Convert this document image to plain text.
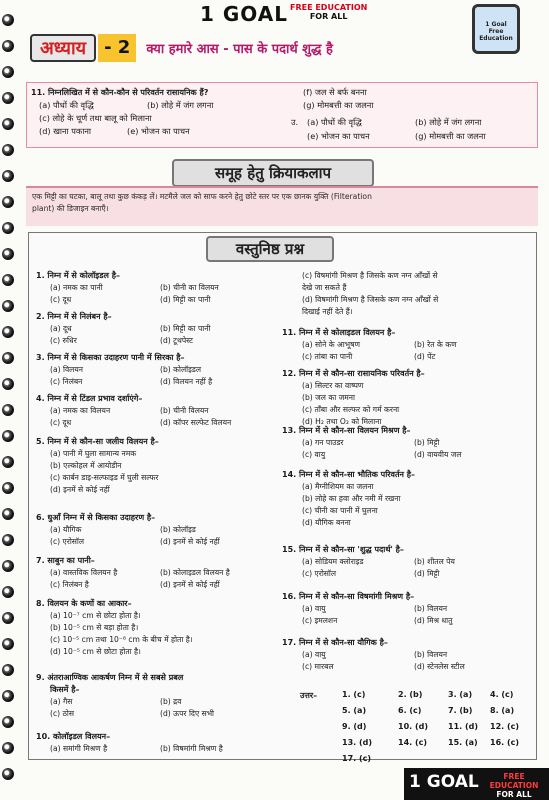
1 GOAL FREE EDUCATION
FOR ALL
1 Goal
Free
Education
अध्याय	- 2	क्या हमारे आस - पास के पदार्थ शुद्ध है
11. निम्नलिखित में से कौन-कौन से परिवर्तन रासायनिक हैं?
(a) पौधों की वृद्धि	(b) लोहे में जंग लगना
(c) लोहे के चूर्ण तथा बालू को मिलाना
(d) खाना पकाना	(e) भोजन का पाचन
(f) जल से बर्फ बनना
(g) मोमबत्ती का जलना
उ. (a) पौधों की वृद्धि	(b) लोहे में जंग लगना
(e) भोजन का पाचन	(g) मोमबत्ती का जलना
समूह हेतु क्रियाकलाप
एक मिट्टी का घटका, बालू तथा कुछ कंकड़ लें। मटमैले जल को साफ करने हेतु छोटे स्तर पर एक छानक युक्ति (Filteration
plant) की डिजाइन बनाएँ।
वस्तुनिष्ठ प्रश्न
1. निम्न में से कोलॉइडल है–
(a) नमक का पानी	(b) चीनी का विलयन
(c) दूध	(d) मिट्टी का पानी
2. निम्न में से निलंबन है–
(a) दूध	(b) मिट्टी का पानी
(c) रुधिर	(d) टूथपेस्ट
3. निम्न में से किसका उदाहरण पानी में सिरका है–
(a) विलयन	(b) कोलॉइडल
(c) निलंबन	(d) विलयन नहीं है
4. निम्न में से टिंडल प्रभाव दर्शाएंगे–
(a) नमक का विलयन	(b) चीनी विलयन
(c) दूध	(d) कॉपर सल्फेट विलयन
5. निम्न में से कौन-सा जलीय विलयन है–
(a) पानी में घुला सामान्य नमक
(b) एल्कोहल में आयोडीन
(c) कार्बन डाइ-सल्फाइड में घुली सल्फर
(d) इनमें से कोई नहीं
6. धुआँ निम्न में से किसका उदाहरण है–
(a) यौगिक	(b) कोलॉइड
(c) एरोसॉल	(d) इनमें से कोई नहीं
7. साबुन का पानी–
(a) वास्तविक विलयन है	(b) कोलाइडल विलयन है
(c) निलंबन है	(d) इनमें से कोई नहीं
8. विलयन के कणों का आकार–
(a) 10⁻⁷ cm से छोटा होता है।
(b) 10⁻⁵ cm से बड़ा होता है।
(c) 10⁻⁵ cm तथा 10⁻⁸ cm के बीच में होता है।
(d) 10⁻⁵ cm से छोटा होता है।
9. अंतराआण्विक आकर्षण निम्न में से सबसे प्रबल
किसमें है–
(a) गैस	(b) द्रव
(c) ठोस	(d) ऊपर दिए सभी
10. कोलॉइडल विलयन–
(a) समांगी मिश्रण है	(b) विषमांगी मिश्रण है
(c) विषमांगी मिश्रण है जिसके कण नग्न आँखों से
देखे जा सकते हैं
(d) विषमांगी मिश्रण है जिसके कण नग्न आँखों से
दिखाई नहीं देते हैं।
11. निम्न में से कोलाइडल विलयन है–
(a) सोने के आभूषण	(b) रेत के कण
(c) तांबा का पानी	(d) पेंट
12. निम्न में से कौन-सा रासायनिक परिवर्तन है–
(a) सिल्टर का वाष्पण
(b) जल का जमना
(c) ताँबा और सल्फर को गर्म करना
(d) H₂ तथा O₂ को मिलाना
13. निम्न में से कौन-सा विलयन मिश्रण है–
(a) गन पाउडर	(b) मिट्टी
(c) वायु	(d) वायवीय जल
14. निम्न में से कौन-सा भौतिक परिवर्तन है–
(a) मैग्नीशियम का जलना
(b) लोहे का हवा और नमी में रखना
(c) चीनी का पानी में घुलना
(d) यौगिक बनना
15. निम्न में से कौन-सा 'शुद्ध पदार्थ' है–
(a) सोडियम क्लोराइड	(b) शीतल पेय
(c) एरोसॉल	(d) मिट्टी
16. निम्न में से कौन-सा विषमांगी मिश्रण है–
(a) वायु	(b) विलयन
(c) इमलशन	(d) मिश्र धातु
17. निम्न में से कौन-सा यौगिक है–
(a) वायु	(b) विलयन
(c) मारबल	(d) स्टेनलेस स्टील
उत्तर–	1. (c)	2. (b)	3. (a) 4. (c)
5. (a)	6. (c)	7. (b) 8. (a)
9. (d)	10. (d)	11. (d) 12. (c)
13. (d)	14. (c)	15. (a) 16. (c)
17. (c)
1 GOAL	FREE EDUCATION
FOR ALL
